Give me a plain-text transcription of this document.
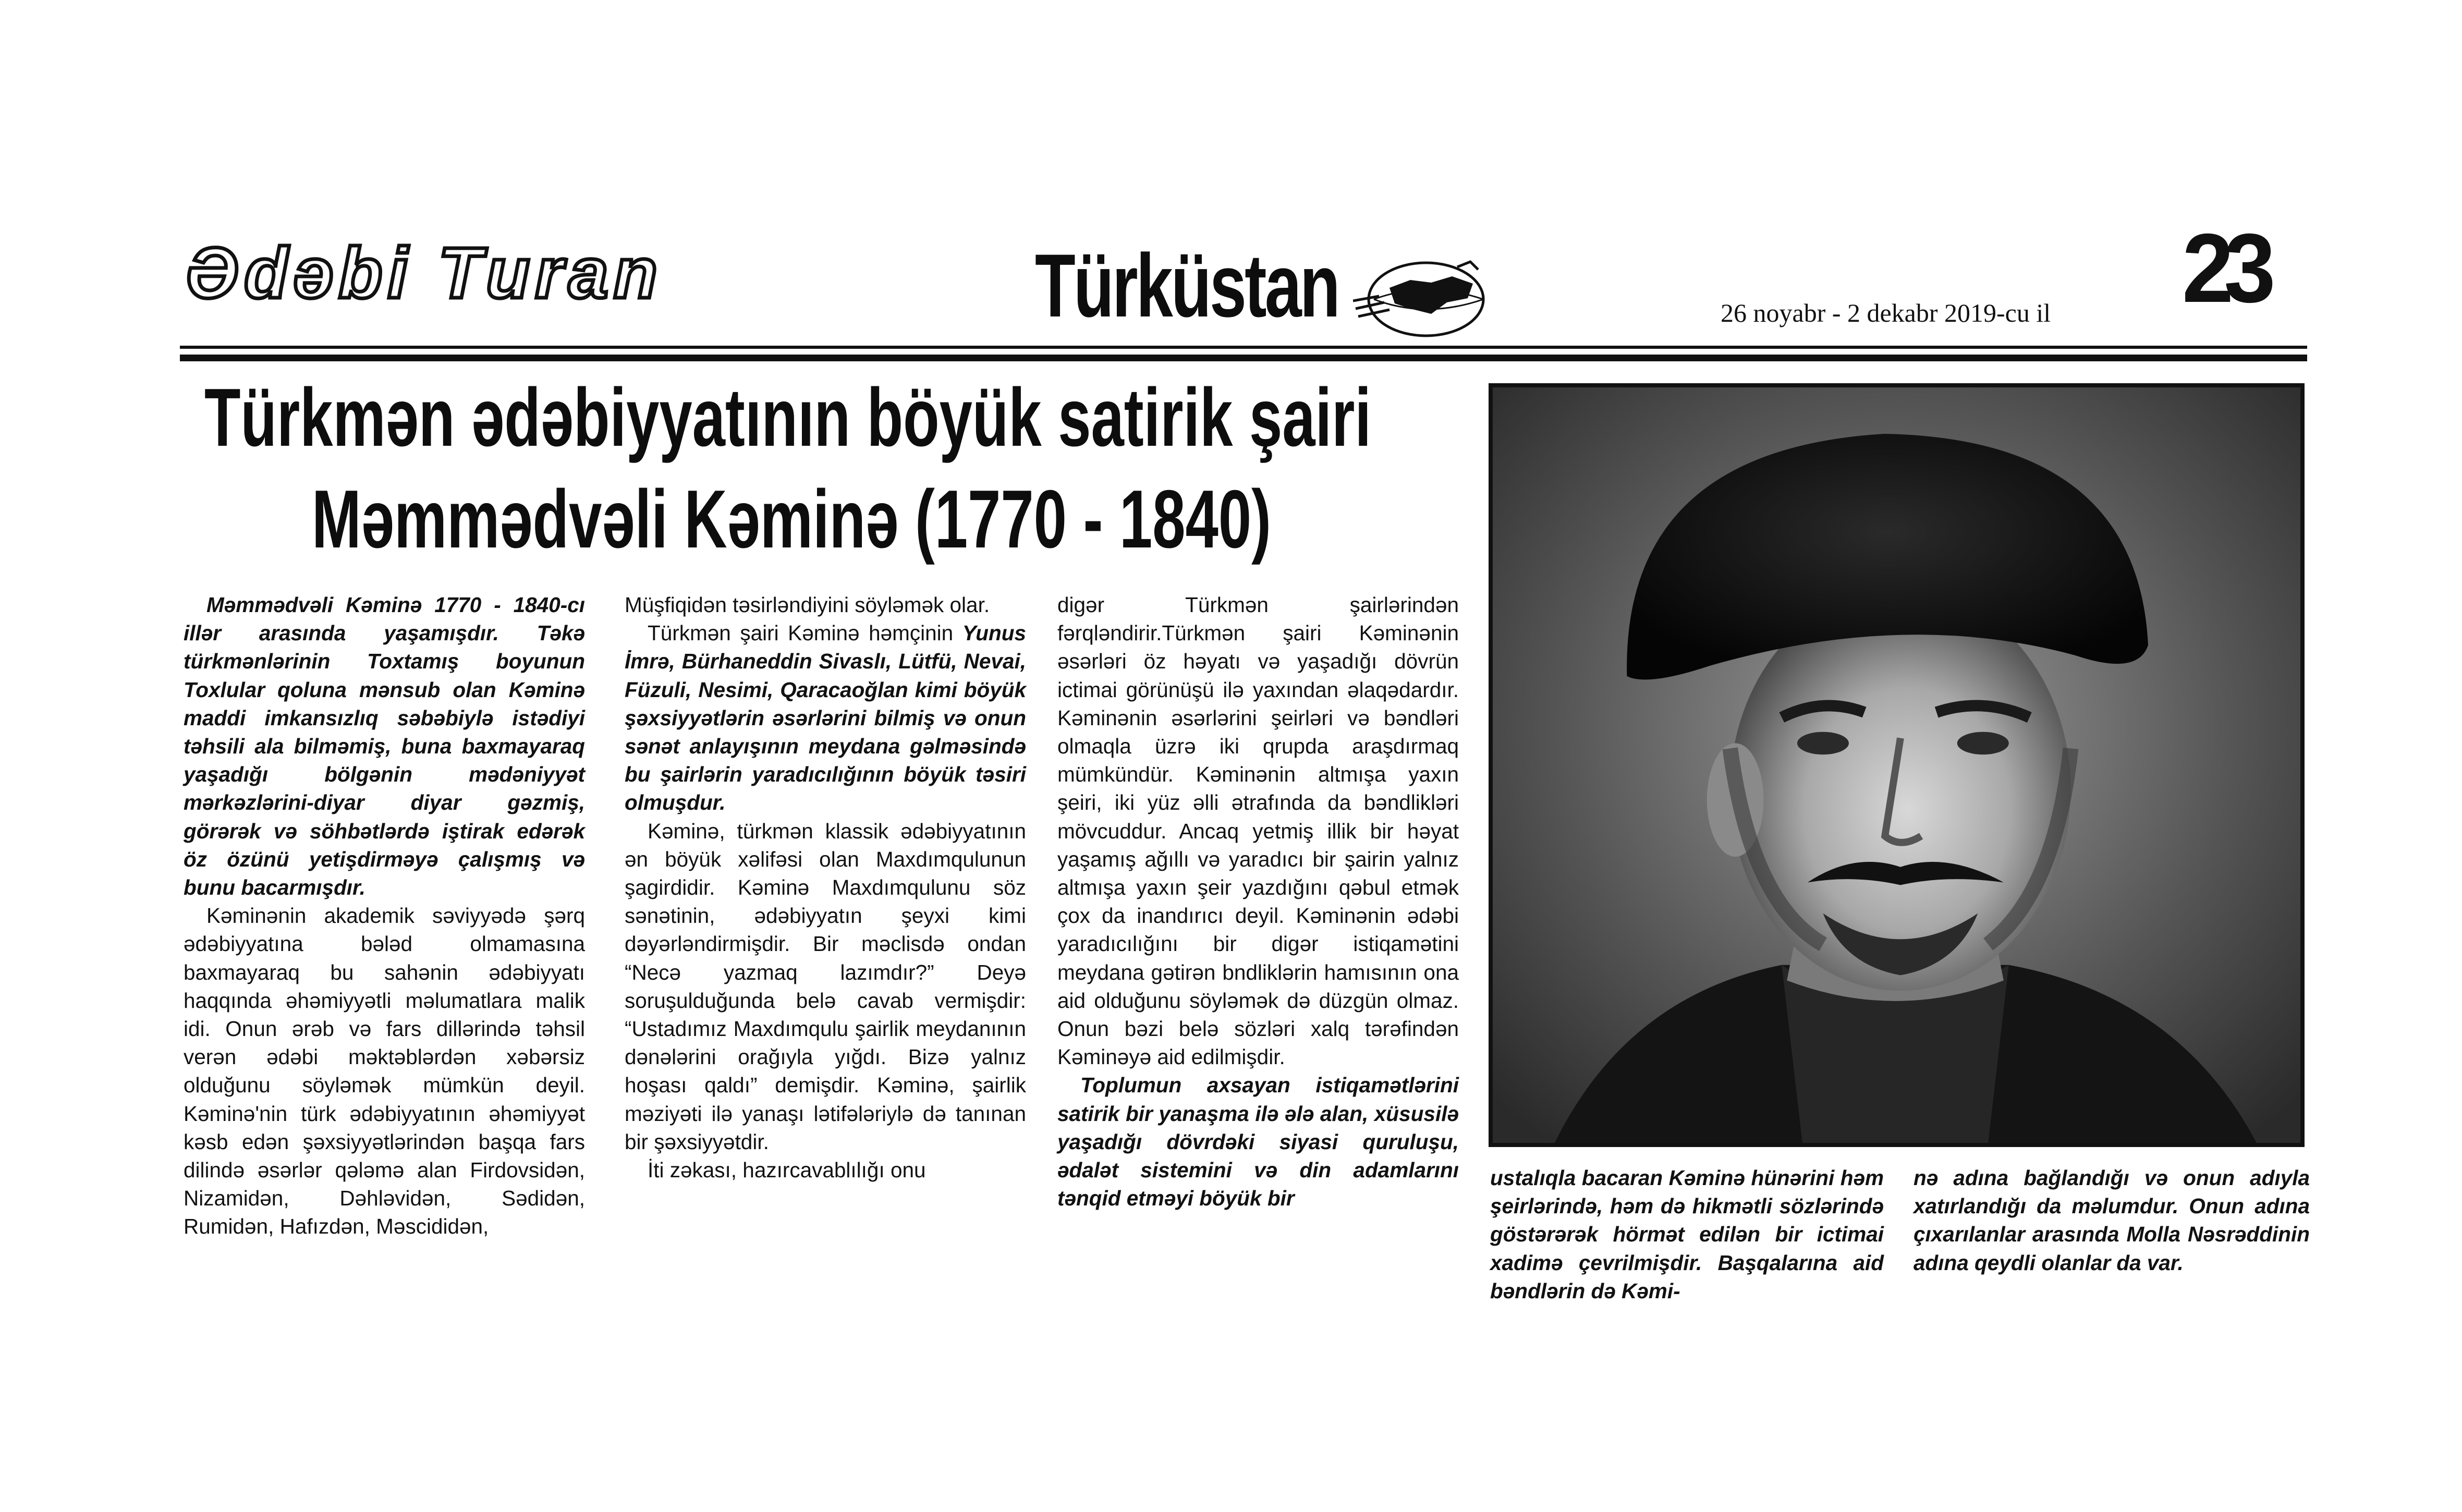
Ədəbi Turan	Türküstan	26 noyabr - 2 dekabr 2019-cu il 23
Türkmən ədəbiyyatının böyük satirik şairi
Məmmədvəli Kəminə (1770 - 1840)

Məmmədvəli Kəminə 1770 - 1840-cı illər arasında yaşamışdır. Təkə türkmənlərinin Toxtamış boyunun Toxlular qoluna mənsub olan Kəminə maddi imkansızlıq səbəbiylə istədiyi təhsili ala bilməmiş, buna baxmayaraq yaşadığı bölgənin mədəniyyət mərkəzlərini-diyar diyar gəzmiş, görərək və söhbətlərdə iştirak edərək öz özünü yetişdirməyə çalışmış və bunu bacarmışdır.

Kəminənin akademik səviyyədə şərq ədəbiyyatına bələd olmamasına baxmayaraq bu sahənin ədəbiyyatı haqqında əhəmiyyətli məlumatlara malik idi. Onun ərəb və fars dillərində təhsil verən ədəbi məktəblərdən xəbərsiz olduğunu söyləmək mümkün deyil. Kəminə'nin türk ədəbiyyatının əhəmiyyət kəsb edən şəxsiyyətlərindən başqa fars dilində əsərlər qələmə alan Firdovsidən, Nizamidən, Dəhləvidən, Sədidən, Rumidən, Hafızdən, Məscididən,

Müşfiqidən təsirləndiyini söyləmək olar.

Türkmən şairi Kəminə həmçinin Yunus İmrə, Bürhaneddin Sivaslı, Lütfü, Nevai, Füzuli, Nesimi, Qaracaoğlan kimi böyük şəxsiyyətlərin əsərlərini bilmiş və onun sənət anlayışının meydana gəlməsində bu şairlərin yaradıcılığının böyük təsiri olmuşdur.

Kəminə, türkmən klassik ədəbiyyatının ən böyük xəlifəsi olan Maxdımqulunun şagirdidir. Kəminə Maxdımqulunu söz sənətinin, ədəbiyyatın şeyxi kimi dəyərləndirmişdir. Bir məclisdə ondan “Necə yazmaq lazımdır?” Deyə soruşulduğunda belə cavab vermişdir: “Ustadımız Maxdımqulu şairlik meydanının dənələrini orağıyla yığdı. Bizə yalnız hoşası qaldı” demişdir. Kəminə, şairlik məziyəti ilə yanaşı lətifələriylə də tanınan bir şəxsiyyətdir.

İti zəkası, hazırcavablılığı onu

digər Türkmən şairlərindən fərqləndirir.Türkmən şairi Kəminənin əsərləri öz həyatı və yaşadığı dövrün ictimai görünüşü ilə yaxından əlaqədardır. Kəminənin əsərlərini şeirləri və bəndləri olmaqla üzrə iki qrupda araşdırmaq mümkündür. Kəminənin altmışa yaxın şeiri, iki yüz əlli ətrafında da bəndlikləri mövcuddur. Ancaq yetmiş illik bir həyat yaşamış ağıllı və yaradıcı bir şairin yalnız altmışa yaxın şeir yazdığını qəbul etmək çox da inandırıcı deyil. Kəminənin ədəbi yaradıcılığını bir digər istiqamətini meydana gətirən bndliklərin hamısının ona aid olduğunu söyləmək də düzgün olmaz. Onun bəzi belə sözləri xalq tərəfindən Kəminəyə aid edilmişdir.

Toplumun axsayan istiqamətlərini satirik bir yanaşma ilə ələ alan, xüsusilə yaşadığı dövrdəki siyasi quruluşu, ədalət sistemini və din adamlarını tənqid etməyi böyük bir

ustalıqla bacaran Kəminə hünərini həm şeirlərində, həm də hikmətli sözlərində göstərərək hörmət edilən bir ictimai xadimə çevrilmişdir. Başqalarına aid bəndlərin də Kəmi-

nə adına bağlandığı və onun adıyla xatırlandığı da məlumdur. Onun adına çıxarılanlar arasında Molla Nəsrəddinin adına qeydli olanlar da var.
